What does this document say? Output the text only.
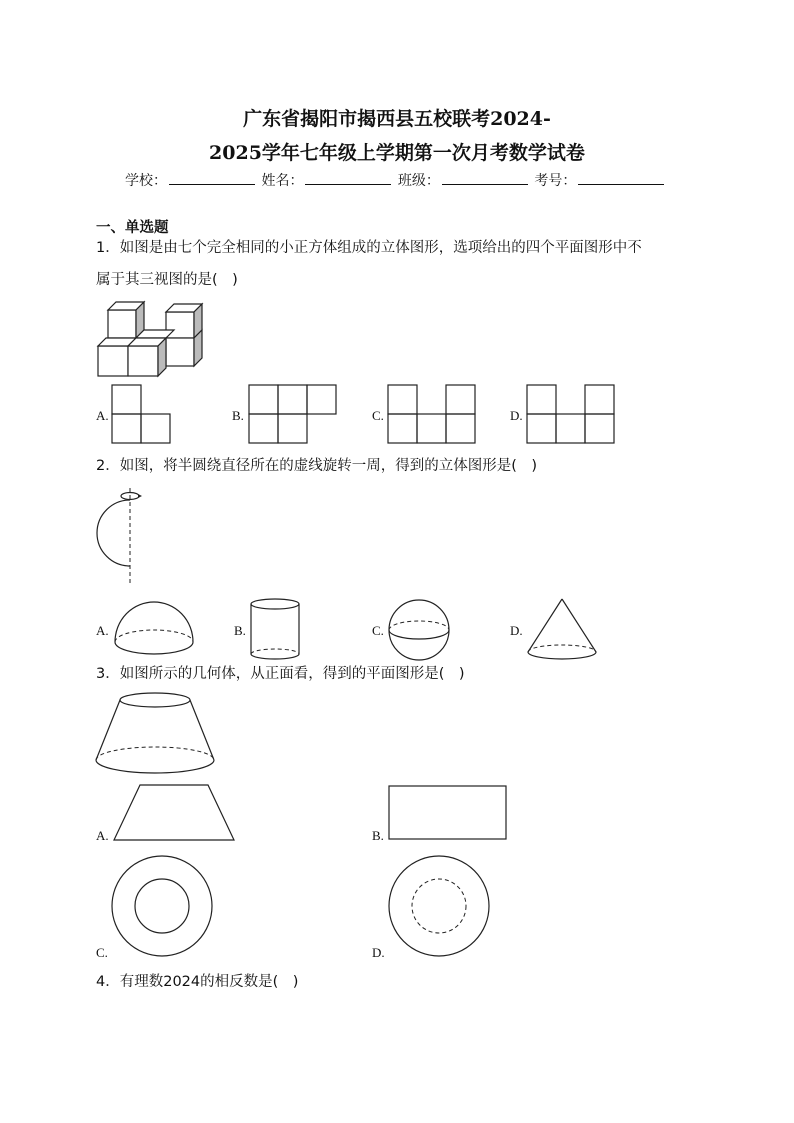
广东省揭阳市揭西县五校联考2024-
2025学年七年级上学期第一次月考数学试卷
学校：	姓名：	班级：	考号：
一、单选题
1．如图是由七个完全相同的小正方体组成的立体图形，选项给出的四个平面图形中不
属于其三视图的是(　)
A.	B.	C.	D.
2．如图，将半圆绕直径所在的虚线旋转一周，得到的立体图形是(　)
A.	B.	C.	D.
3．如图所示的几何体，从正面看，得到的平面图形是(　)
A.	B.
C.	D.
4．有理数2024的相反数是(　)
